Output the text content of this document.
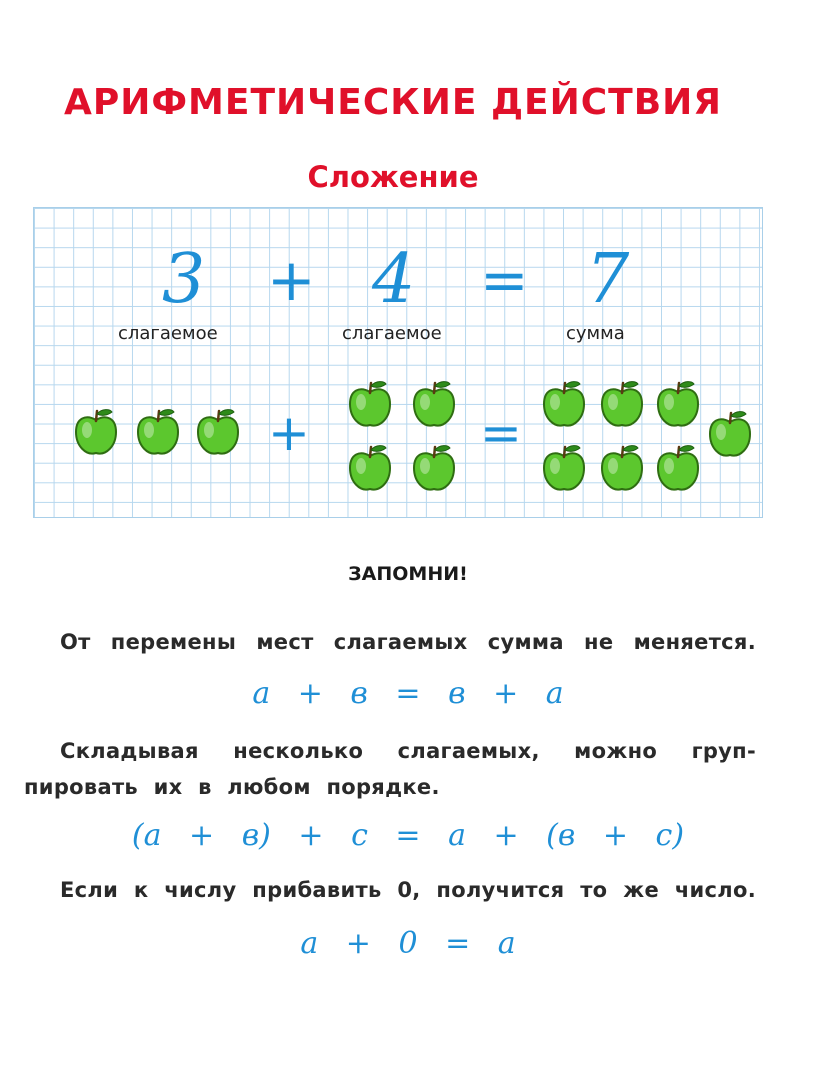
АРИФМЕТИЧЕСКИЕ ДЕЙСТВИЯ
Сложение
3 + 4 = 7
слагаемое	слагаемое	сумма
+	=
ЗАПОМНИ!
От перемены мест слагаемых сумма не меняется.
a + в = в + a
Складывая несколько слагаемых, можно груп-
пировать их в любом порядке.
(a + в) + с = a + (в + с)
Если к числу прибавить 0, получится то же число.
a + 0 = a
